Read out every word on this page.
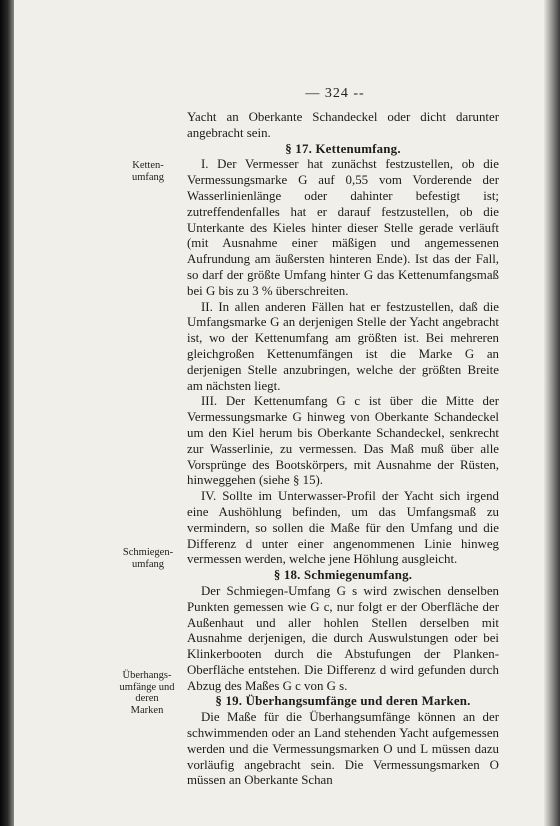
— 324 --
Ketten-
umfang
Schmiegen-
umfang
Überhangs-
umfänge und
deren
Marken

Yacht an Oberkante Schandeckel oder dicht darunter angebracht sein.

§ 17. Kettenumfang.

I. Der Vermesser hat zunächst festzustellen, ob die Vermessungsmarke G auf 0,55 vom Vorderende der Wasserlinienlänge oder dahinter befestigt ist; zutreffendenfalles hat er darauf festzustellen, ob die Unterkante des Kieles hinter dieser Stelle gerade verläuft (mit Ausnahme einer mäßigen und angemessenen Aufrundung am äußersten hinteren Ende). Ist das der Fall, so darf der größte Umfang hinter G das Kettenumfangsmaß bei G bis zu 3 % überschreiten.

II. In allen anderen Fällen hat er festzustellen, daß die Umfangsmarke G an derjenigen Stelle der Yacht angebracht ist, wo der Kettenumfang am größten ist. Bei mehreren gleichgroßen Kettenumfängen ist die Marke G an derjenigen Stelle anzubringen, welche der größten Breite am nächsten liegt.

III. Der Kettenumfang G c ist über die Mitte der Vermessungsmarke G hinweg von Oberkante Schandeckel um den Kiel herum bis Oberkante Schandeckel, senkrecht zur Wasserlinie, zu vermessen. Das Maß muß über alle Vorsprünge des Bootskörpers, mit Ausnahme der Rüsten, hinweggehen (siehe § 15).

IV. Sollte im Unterwasser-Profil der Yacht sich irgend eine Aushöhlung befinden, um das Umfangsmaß zu vermindern, so sollen die Maße für den Umfang und die Differenz d unter einer angenommenen Linie hinweg vermessen werden, welche jene Höhlung ausgleicht.

§ 18. Schmiegenumfang.

Der Schmiegen-Umfang G s wird zwischen denselben Punkten gemessen wie G c, nur folgt er der Oberfläche der Außenhaut und aller hohlen Stellen derselben mit Ausnahme derjenigen, die durch Auswulstungen oder bei Klinkerbooten durch die Abstufungen der Planken-Oberfläche entstehen. Die Differenz d wird gefunden durch Abzug des Maßes G c von G s.

§ 19. Überhangsumfänge und deren Marken.

Die Maße für die Überhangsumfänge können an der schwimmenden oder an Land stehenden Yacht aufgemessen werden und die Vermessungsmarken O und L müssen dazu vorläufig angebracht sein. Die Vermessungsmarken O müssen an Oberkante Schan
